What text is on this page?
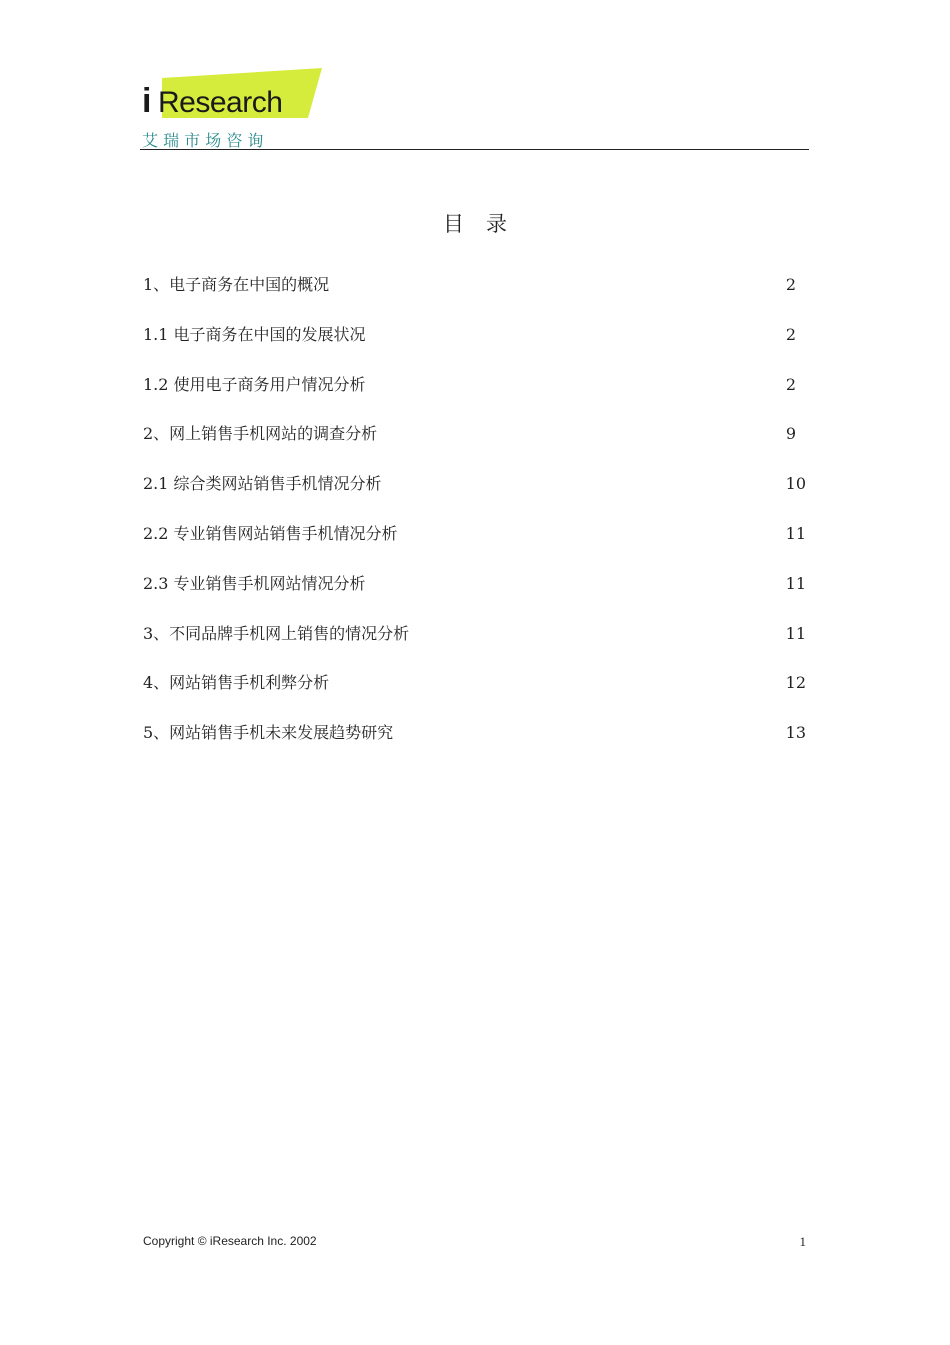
i Research
艾 瑞 市 场 咨 询
目录
1、电子商务在中国的概况	2
1.1 电子商务在中国的发展状况	2
1.2 使用电子商务用户情况分析	2
2、网上销售手机网站的调查分析	9
2.1 综合类网站销售手机情况分析	10
2.2 专业销售网站销售手机情况分析	11
2.3 专业销售手机网站情况分析	11
3、不同品牌手机网上销售的情况分析	11
4、网站销售手机利弊分析	12
5、网站销售手机未来发展趋势研究	13
Copyright © iResearch Inc. 2002	1
